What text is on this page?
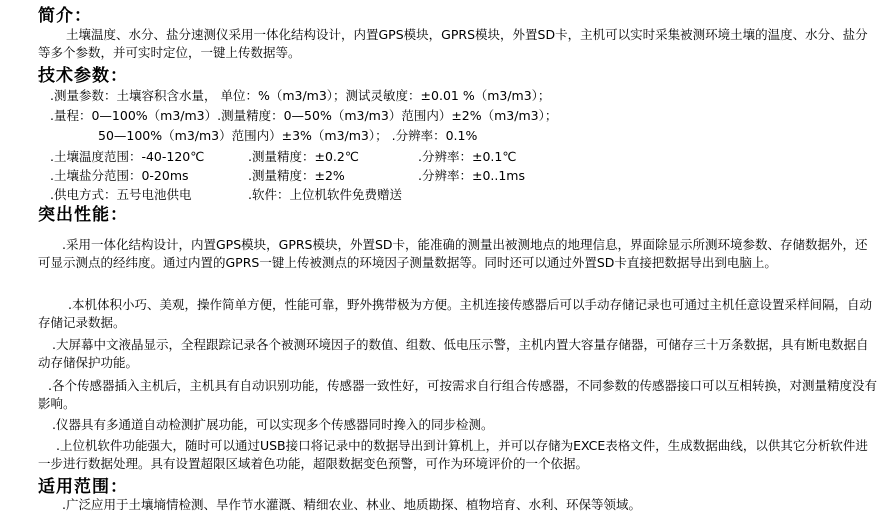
简介：
土壤温度、水分、盐分速测仪采用一体化结构设计，内置GPS模块，GPRS模块，外置SD卡，主机可以实时采集被测环境土壤的温度、水分、盐分等多个参数，并可实时定位，一键上传数据等。
技术参数：
.测量参数：土壤容积含水量， 单位：%（m3/m3）；测试灵敏度：±0.01 %（m3/m3）；
.量程：0—100%（m3/m3）.测量精度：0—50%（m3/m3）范围内）±2%（m3/m3）；
50—100%（m3/m3）范围内）±3%（m3/m3）； .分辨率：0.1%
.土壤温度范围：-40-120℃	.测量精度：±0.2℃	.分辨率：±0.1℃
.土壤盐分范围：0-20ms	.测量精度：±2%	.分辨率：±0..1ms
.供电方式：五号电池供电	.软件：上位机软件免费赠送
突出性能：
.采用一体化结构设计，内置GPS模块，GPRS模块，外置SD卡，能准确的测量出被测地点的地理信息，界面除显示所测环境参数、存储数据外，还可显示测点的经纬度。通过内置的GPRS一键上传被测点的环境因子测量数据等。同时还可以通过外置SD卡直接把数据导出到电脑上。
.本机体积小巧、美观，操作简单方便，性能可靠，野外携带极为方便。主机连接传感器后可以手动存储记录也可通过主机任意设置采样间隔，自动存储记录数据。
.大屏幕中文液晶显示，全程跟踪记录各个被测环境因子的数值、组数、低电压示警，主机内置大容量存储器，可储存三十万条数据，具有断电数据自动存储保护功能。
.各个传感器插入主机后，主机具有自动识别功能，传感器一致性好，可按需求自行组合传感器，不同参数的传感器接口可以互相转换，对测量精度没有影响。
.仪器具有多通道自动检测扩展功能，可以实现多个传感器同时搀入的同步检测。
.上位机软件功能强大，随时可以通过USB接口将记录中的数据导出到计算机上，并可以存储为EXCE表格文件，生成数据曲线，以供其它分析软件进一步进行数据处理。具有设置超限区域着色功能，超限数据变色预警，可作为环境评价的一个依据。
适用范围：
.广泛应用于土壤墒情检测、旱作节水灌溉、精细农业、林业、地质勘探、植物培育、水利、环保等领域。
